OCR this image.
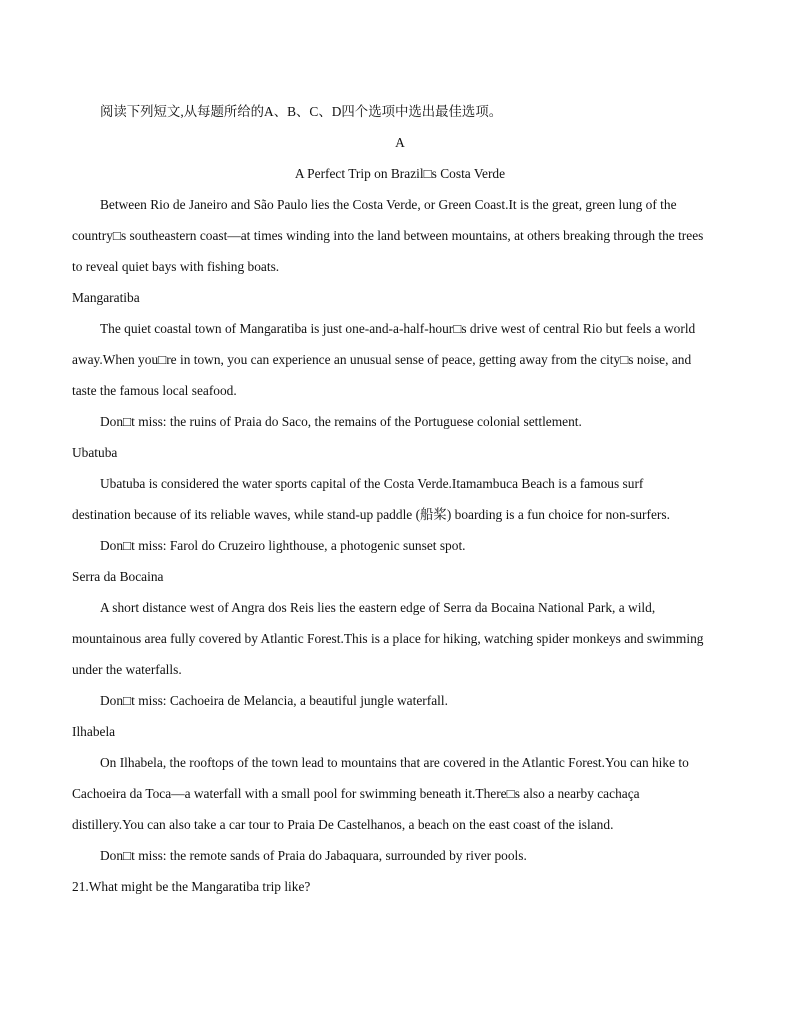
阅读下列短文,从每题所给的A、B、C、D四个选项中选出最佳选项。
A
A Perfect Trip on Brazil□s Costa Verde
Between Rio de Janeiro and São Paulo lies the Costa Verde, or Green Coast.It is the great, green lung of the
country□s southeastern coast—at times winding into the land between mountains, at others breaking through the trees
to reveal quiet bays with fishing boats.
Mangaratiba
The quiet coastal town of Mangaratiba is just one-and-a-half-hour□s drive west of central Rio but feels a world
away.When you□re in town, you can experience an unusual sense of peace, getting away from the city□s noise, and
taste the famous local seafood.
Don□t miss: the ruins of Praia do Saco, the remains of the Portuguese colonial settlement.
Ubatuba
Ubatuba is considered the water sports capital of the Costa Verde.Itamambuca Beach is a famous surf
destination because of its reliable waves, while stand-up paddle (船桨) boarding is a fun choice for non-surfers.
Don□t miss: Farol do Cruzeiro lighthouse, a photogenic sunset spot.
Serra da Bocaina
A short distance west of Angra dos Reis lies the eastern edge of Serra da Bocaina National Park, a wild,
mountainous area fully covered by Atlantic Forest.This is a place for hiking, watching spider monkeys and swimming
under the waterfalls.
Don□t miss: Cachoeira de Melancia, a beautiful jungle waterfall.
Ilhabela
On Ilhabela, the rooftops of the town lead to mountains that are covered in the Atlantic Forest.You can hike to
Cachoeira da Toca—a waterfall with a small pool for swimming beneath it.There□s also a nearby cachaça
distillery.You can also take a car tour to Praia De Castelhanos, a beach on the east coast of the island.
Don□t miss: the remote sands of Praia do Jabaquara, surrounded by river pools.
21.What might be the Mangaratiba trip like?
